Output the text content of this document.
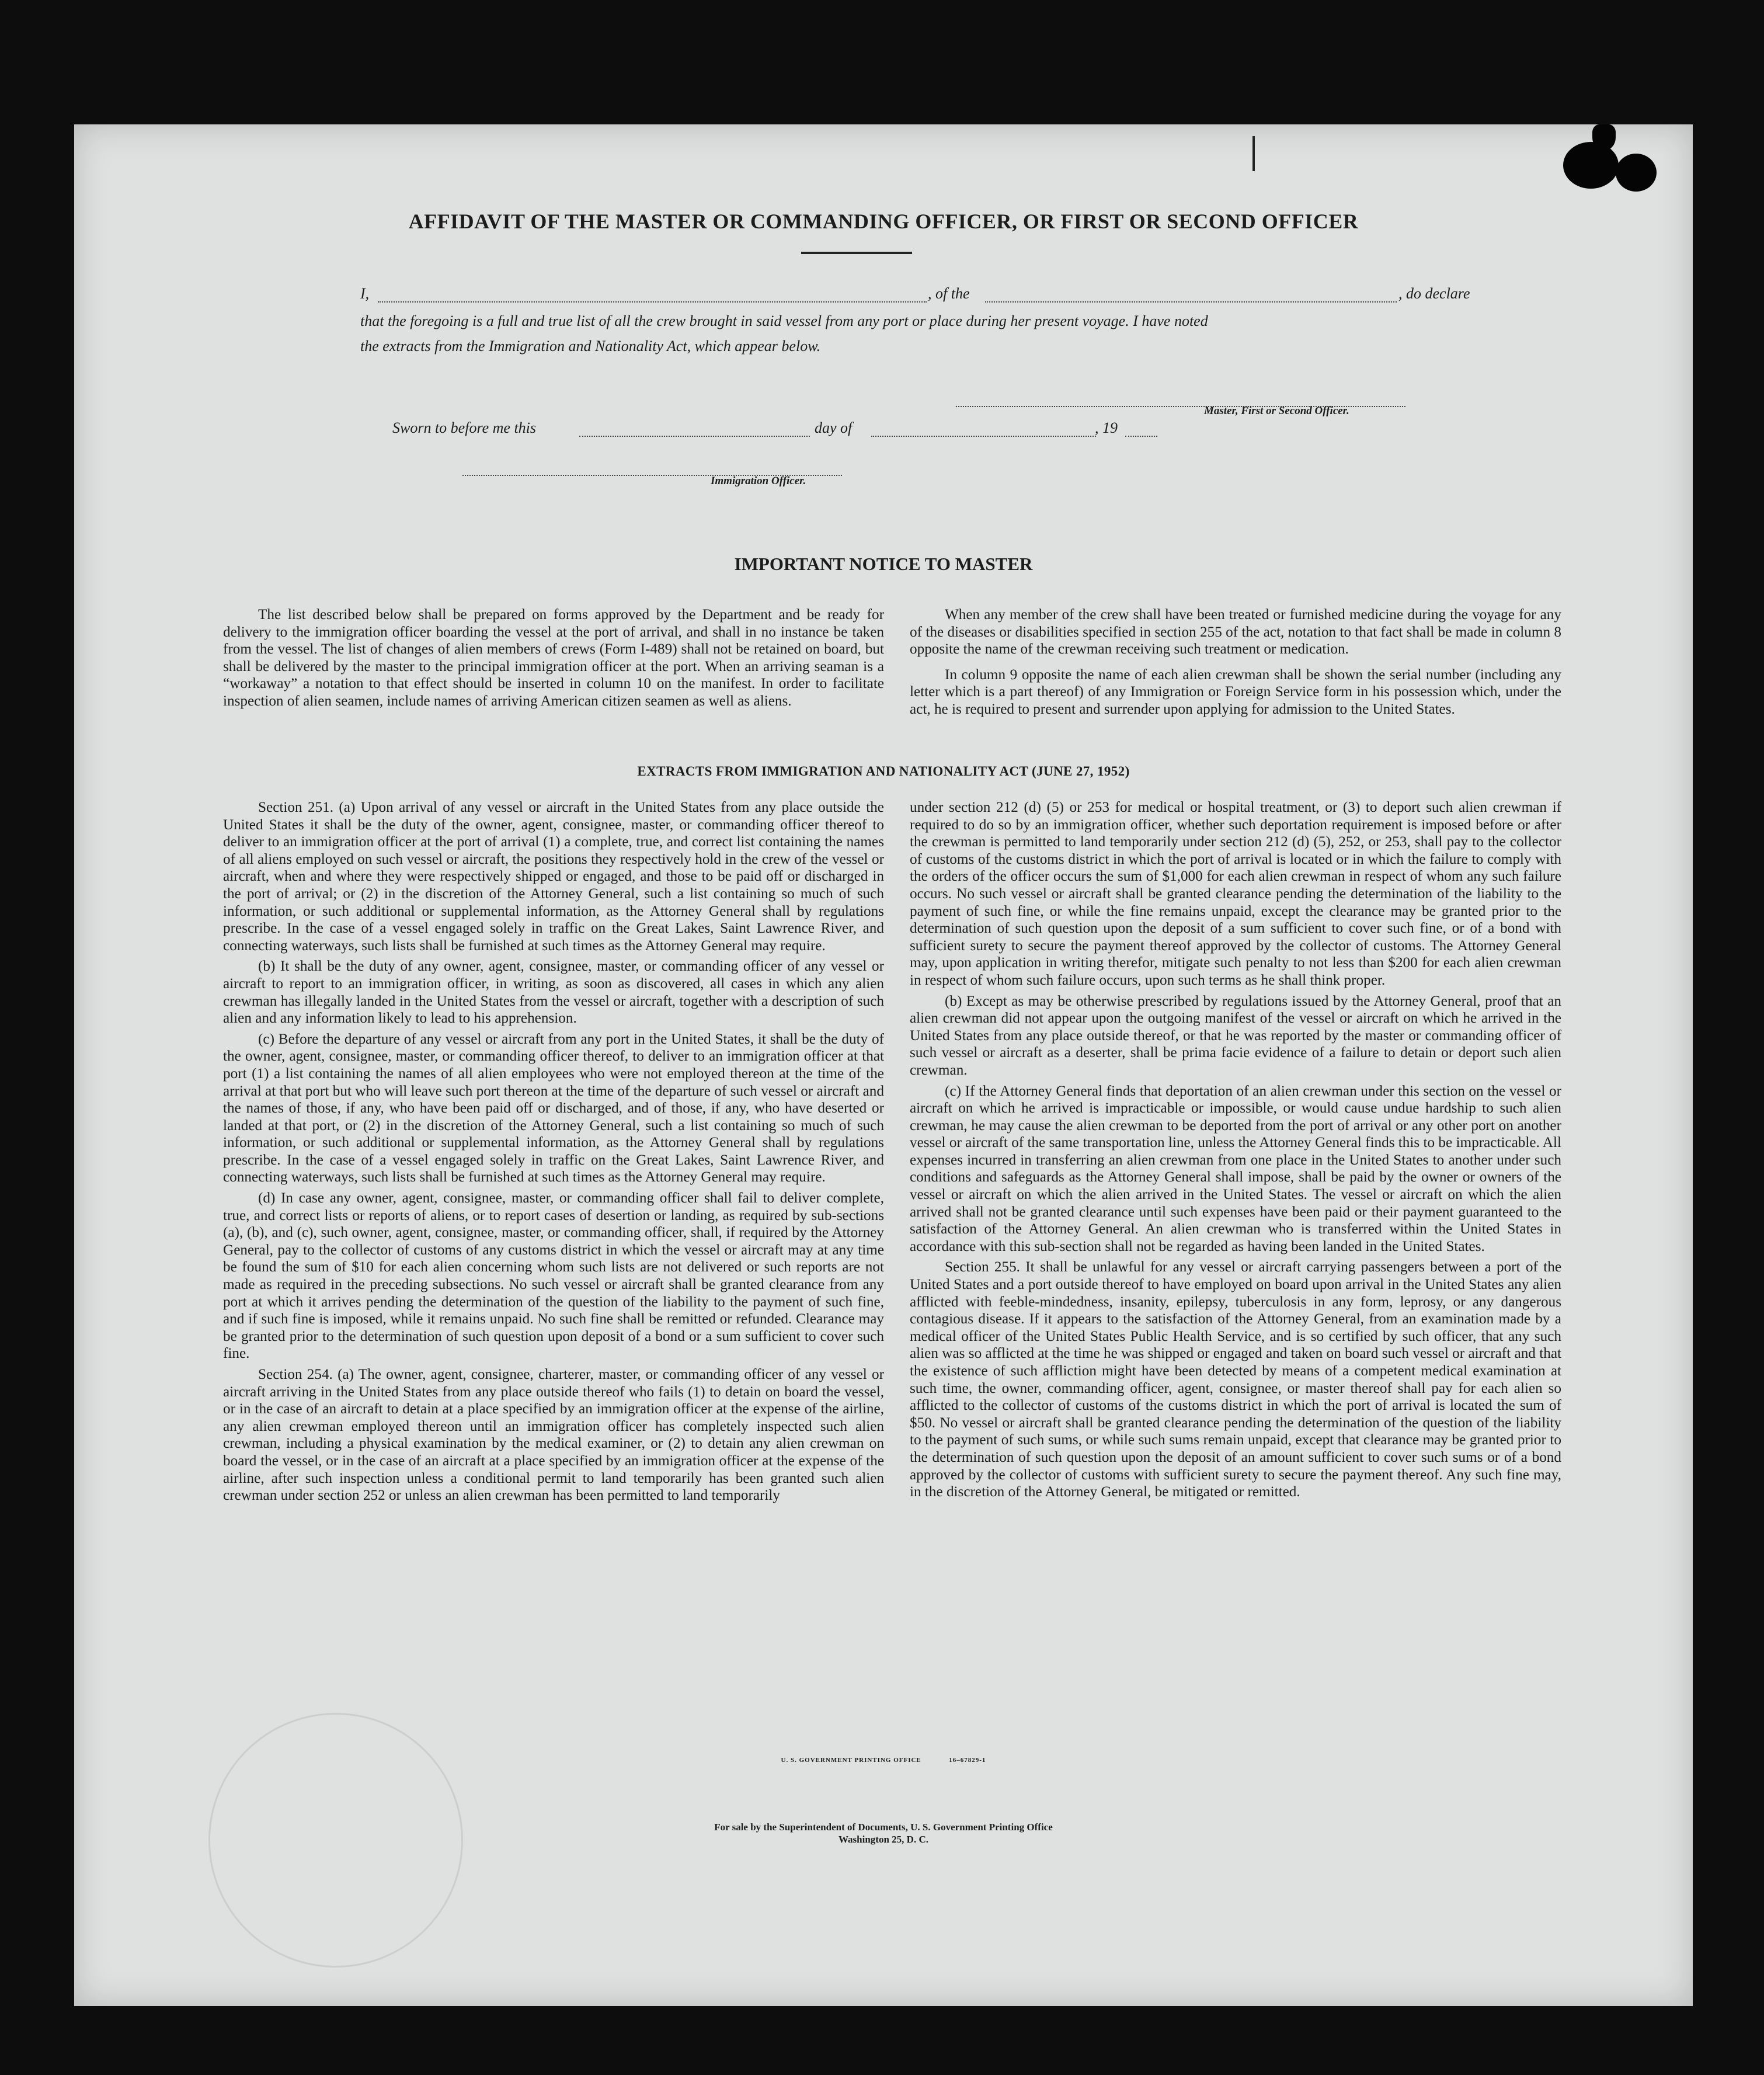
AFFIDAVIT OF THE MASTER OR COMMANDING OFFICER, OR FIRST OR SECOND OFFICER
I,	, of the	, do declare
that the foregoing is a full and true list of all the crew brought in said vessel from any port or place during her present voyage. I have noted
the extracts from the Immigration and Nationality Act, which appear below.
Master, First or Second Officer.
Sworn to before me this	day of	, 19
Immigration Officer.
IMPORTANT NOTICE TO MASTER

The list described below shall be prepared on forms approved by the Department and be ready for delivery to the immigration officer boarding the vessel at the port of arrival, and shall in no instance be taken from the vessel. The list of changes of alien members of crews (Form I-489) shall not be retained on board, but shall be delivered by the master to the principal immigration officer at the port. When an arriving seaman is a “workaway” a notation to that effect should be inserted in column 10 on the manifest. In order to facilitate inspection of alien seamen, include names of arriving American citizen seamen as well as aliens.

When any member of the crew shall have been treated or furnished medicine during the voyage for any of the diseases or disabilities specified in section 255 of the act, notation to that fact shall be made in column 8 opposite the name of the crewman receiving such treatment or medication.

In column 9 opposite the name of each alien crewman shall be shown the serial number (including any letter which is a part thereof) of any Immigration or Foreign Service form in his possession which, under the act, he is required to present and surrender upon applying for admission to the United States.

EXTRACTS FROM IMMIGRATION AND NATIONALITY ACT (JUNE 27, 1952)

Section 251. (a) Upon arrival of any vessel or aircraft in the United States from any place outside the United States it shall be the duty of the owner, agent, consignee, master, or commanding officer thereof to deliver to an immigration officer at the port of arrival (1) a complete, true, and correct list containing the names of all aliens employed on such vessel or aircraft, the positions they respectively hold in the crew of the vessel or aircraft, when and where they were respectively shipped or engaged, and those to be paid off or discharged in the port of arrival; or (2) in the discretion of the Attorney General, such a list containing so much of such information, or such additional or supplemental information, as the Attorney General shall by regulations prescribe. In the case of a vessel engaged solely in traffic on the Great Lakes, Saint Lawrence River, and connecting waterways, such lists shall be furnished at such times as the Attorney General may require.

(b) It shall be the duty of any owner, agent, consignee, master, or commanding officer of any vessel or aircraft to report to an immigration officer, in writing, as soon as discovered, all cases in which any alien crewman has illegally landed in the United States from the vessel or aircraft, together with a description of such alien and any information likely to lead to his apprehension.

(c) Before the departure of any vessel or aircraft from any port in the United States, it shall be the duty of the owner, agent, consignee, master, or commanding officer thereof, to deliver to an immigration officer at that port (1) a list containing the names of all alien employees who were not employed thereon at the time of the arrival at that port but who will leave such port thereon at the time of the departure of such vessel or aircraft and the names of those, if any, who have been paid off or discharged, and of those, if any, who have deserted or landed at that port, or (2) in the discretion of the Attorney General, such a list containing so much of such information, or such additional or supplemental information, as the Attorney General shall by regulations prescribe. In the case of a vessel engaged solely in traffic on the Great Lakes, Saint Lawrence River, and connecting waterways, such lists shall be furnished at such times as the Attorney General may require.

(d) In case any owner, agent, consignee, master, or commanding officer shall fail to deliver complete, true, and correct lists or reports of aliens, or to report cases of desertion or landing, as required by sub-sections (a), (b), and (c), such owner, agent, consignee, master, or commanding officer, shall, if required by the Attorney General, pay to the collector of customs of any customs district in which the vessel or aircraft may at any time be found the sum of $10 for each alien concerning whom such lists are not delivered or such reports are not made as required in the preceding subsections. No such vessel or aircraft shall be granted clearance from any port at which it arrives pending the determination of the question of the liability to the payment of such fine, and if such fine is imposed, while it remains unpaid. No such fine shall be remitted or refunded. Clearance may be granted prior to the determination of such question upon deposit of a bond or a sum sufficient to cover such fine.

Section 254. (a) The owner, agent, consignee, charterer, master, or commanding officer of any vessel or aircraft arriving in the United States from any place outside thereof who fails (1) to detain on board the vessel, or in the case of an aircraft to detain at a place specified by an immigration officer at the expense of the airline, any alien crewman employed thereon until an immigration officer has completely inspected such alien crewman, including a physical examination by the medical examiner, or (2) to detain any alien crewman on board the vessel, or in the case of an aircraft at a place specified by an immigration officer at the expense of the airline, after such inspection unless a conditional permit to land temporarily has been granted such alien crewman under section 252 or unless an alien crewman has been permitted to land temporarily

under section 212 (d) (5) or 253 for medical or hospital treatment, or (3) to deport such alien crewman if required to do so by an immigration officer, whether such deportation requirement is imposed before or after the crewman is permitted to land temporarily under section 212 (d) (5), 252, or 253, shall pay to the collector of customs of the customs district in which the port of arrival is located or in which the failure to comply with the orders of the officer occurs the sum of $1,000 for each alien crewman in respect of whom any such failure occurs. No such vessel or aircraft shall be granted clearance pending the determination of the liability to the payment of such fine, or while the fine remains unpaid, except the clearance may be granted prior to the determination of such question upon the deposit of a sum sufficient to cover such fine, or of a bond with sufficient surety to secure the payment thereof approved by the collector of customs. The Attorney General may, upon application in writing therefor, mitigate such penalty to not less than $200 for each alien crewman in respect of whom such failure occurs, upon such terms as he shall think proper.

(b) Except as may be otherwise prescribed by regulations issued by the Attorney General, proof that an alien crewman did not appear upon the outgoing manifest of the vessel or aircraft on which he arrived in the United States from any place outside thereof, or that he was reported by the master or commanding officer of such vessel or aircraft as a deserter, shall be prima facie evidence of a failure to detain or deport such alien crewman.

(c) If the Attorney General finds that deportation of an alien crewman under this section on the vessel or aircraft on which he arrived is impracticable or impossible, or would cause undue hardship to such alien crewman, he may cause the alien crewman to be deported from the port of arrival or any other port on another vessel or aircraft of the same transportation line, unless the Attorney General finds this to be impracticable. All expenses incurred in transferring an alien crewman from one place in the United States to another under such conditions and safeguards as the Attorney General shall impose, shall be paid by the owner or owners of the vessel or aircraft on which the alien arrived in the United States. The vessel or aircraft on which the alien arrived shall not be granted clearance until such expenses have been paid or their payment guaranteed to the satisfaction of the Attorney General. An alien crewman who is transferred within the United States in accordance with this sub-section shall not be regarded as having been landed in the United States.

Section 255. It shall be unlawful for any vessel or aircraft carrying passengers between a port of the United States and a port outside thereof to have employed on board upon arrival in the United States any alien afflicted with feeble-mindedness, insanity, epilepsy, tuberculosis in any form, leprosy, or any dangerous contagious disease. If it appears to the satisfaction of the Attorney General, from an examination made by a medical officer of the United States Public Health Service, and is so certified by such officer, that any such alien was so afflicted at the time he was shipped or engaged and taken on board such vessel or aircraft and that the existence of such affliction might have been detected by means of a competent medical examination at such time, the owner, commanding officer, agent, consignee, or master thereof shall pay for each alien so afflicted to the collector of customs of the customs district in which the port of arrival is located the sum of $50. No vessel or aircraft shall be granted clearance pending the determination of the question of the liability to the payment of such sums, or while such sums remain unpaid, except that clearance may be granted prior to the determination of such question upon the deposit of an amount sufficient to cover such sums or of a bond approved by the collector of customs with sufficient surety to secure the payment thereof. Any such fine may, in the discretion of the Attorney General, be mitigated or remitted.

U. S. GOVERNMENT PRINTING OFFICE	16–67829-1
For sale by the Superintendent of Documents, U. S. Government Printing Office
Washington 25, D. C.
